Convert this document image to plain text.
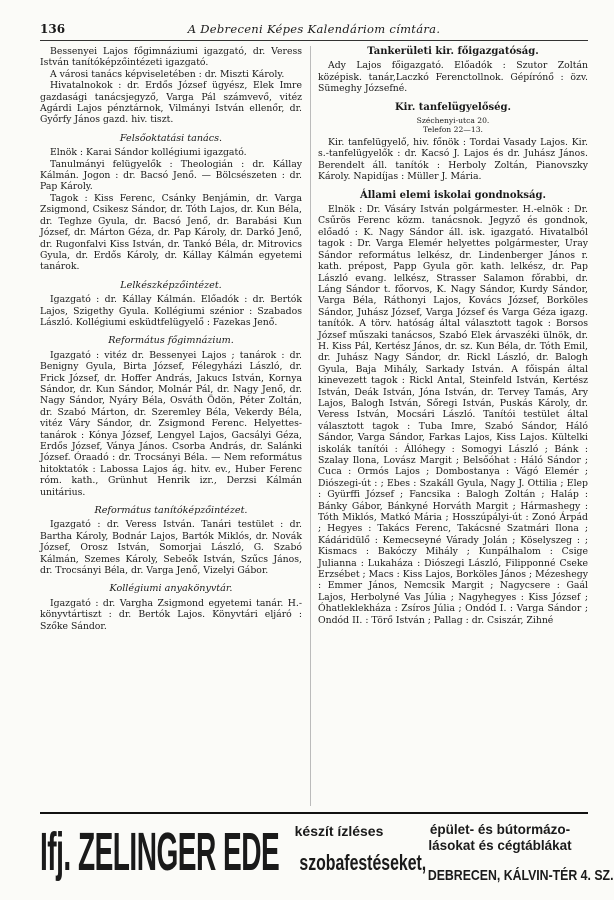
136	A Debreceni Képes Kalendáriom címtára.

Bessenyei Lajos főgimnáziumi igazgató, dr. Veress István tanítóképzőintézeti igazgató.

A városi tanács képviseletében : dr. Miszti Károly.

Hivatalnokok : dr. Erdős József ügyész, Elek Imre gazdasági tanácsjegyző, Varga Pál számvevő, vitéz Agárdi Lajos pénztárnok, Vilmányi István ellenőr, dr. Győrfy János gazd. hiv. tiszt.

Felsőoktatási tanács.

Elnök : Karai Sándor kollégiumi igazgató.

Tanulmányi felügyelők : Theologián : dr. Kállay Kálmán. Jogon : dr. Bacsó Jenő. — Bölcsészeten : dr. Pap Károly.

Tagok : Kiss Ferenc, Csánky Benjámin, dr. Varga Zsigmond, Csikesz Sándor, dr. Tóth Lajos, dr. Kun Béla, dr. Teghze Gyula, dr. Bacsó Jenő, dr. Barabási Kun József, dr. Márton Géza, dr. Pap Károly, dr. Darkó Jenő, dr. Rugonfalvi Kiss István, dr. Tankó Béla, dr. Mitrovics Gyula, dr. Erdős Károly, dr. Kállay Kálmán egyetemi tanárok.

Lelkészképzőintézet.

Igazgató : dr. Kállay Kálmán. Előadók : dr. Bertók Lajos, Szigethy Gyula. Kollégiumi szénior : Szabados László. Kollégiumi esküdtfelügyelő : Fazekas Jenő.

Református főgimnázium.

Igazgató : vitéz dr. Bessenyei Lajos ; tanárok : dr. Benigny Gyula, Birta József, Félegyházi László, dr. Frick József, dr. Hoffer András, Jakucs István, Kornya Sándor, dr. Kun Sándor, Molnár Pál, dr. Nagy Jenő, dr. Nagy Sándor, Nyáry Béla, Osváth Ödön, Péter Zoltán, dr. Szabó Márton, dr. Szeremley Béla, Vekerdy Béla, vitéz Váry Sándor, dr. Zsigmond Ferenc. Helyettes-tanárok : Kónya József, Lengyel Lajos, Gacsályi Géza, Erdős József, Ványa János. Csorba András, dr. Salánki József. Óraadó : dr. Trocsányi Béla. — Nem református hitoktatók : Labossa Lajos ág. hitv. ev., Huber Ferenc róm. kath., Grünhut Henrik izr., Derzsi Kálmán unitárius.

Református tanítóképzőintézet.

Igazgató : dr. Veress István. Tanári testület : dr. Bartha Károly, Bodnár Lajos, Bartók Miklós, dr. Novák József, Orosz István, Somorjai László, G. Szabó Kálmán, Szemes Károly, Sebeők István, Szűcs János, dr. Trocsányi Béla, dr. Varga Jenő, Vizelyi Gábor.

Kollégiumi anyakönyvtár.

Igazgató : dr. Vargha Zsigmond egyetemi tanár. H.-könyvtártiszt : dr. Bertók Lajos. Könyvtári eljáró : Szőke Sándor.

Tankerületi kir. főigazgatóság.

Ady Lajos főigazgató. Előadók : Szutor Zoltán középisk. tanár,Laczkó Ferenctollnok. Gépírónő : özv. Sümeghy Józsefné.

Kir. tanfelügyelőség.

Széchenyi-utca 20.

Telefon 22—13.

Kir. tanfelügyelő, hiv. főnök : Tordai Vasady Lajos. Kir. s.-tanfelügyelők : dr. Kacsó J. Lajos és dr. Juhász János. Berendelt áll. tanítók : Herboly Zoltán, Pianovszky Károly. Napidíjas : Müller J. Mária.

Állami elemi iskolai gondnokság.

Elnök : Dr. Vásáry István polgármester. H.-elnök : Dr. Csűrös Ferenc közm. tanácsnok. Jegyző és gondnok, előadó : K. Nagy Sándor áll. isk. igazgató. Hivatalból tagok : Dr. Varga Elemér helyettes polgármester, Uray Sándor református lelkész, dr. Lindenberger János r. kath. prépost, Papp Gyula gör. kath. lelkész, dr. Pap László evang. lelkész, Strasser Salamon főrabbi, dr. Láng Sándor t. főorvos, K. Nagy Sándor, Kurdy Sándor, Varga Béla, Ráthonyi Lajos, Kovács József, Borköles Sándor, Juhász József, Varga József és Varga Géza igazg. tanítók. A törv. hatóság által választott tagok : Borsos József műszaki tanácsos, Szabó Elek árvaszéki ülnök, dr. H. Kiss Pál, Kertész János, dr. sz. Kun Béla, dr. Tóth Emil, dr. Juhász Nagy Sándor, dr. Rickl László, dr. Balogh Gyula, Baja Mihály, Sarkady István. A főispán által kinevezett tagok : Rickl Antal, Steinfeld István, Kertész István, Deák István, Jóna István, dr. Tervey Tamás, Ary Lajos, Balogh István, Sőregi István, Puskás Károly, dr. Veress István, Mocsári László. Tanítói testület által választott tagok : Tuba Imre, Szabó Sándor, Háló Sándor, Varga Sándor, Farkas Lajos, Kiss Lajos. Kültelki iskolák tanítói : Állóhegy : Somogyi László ; Bánk : Szalay Ilona, Lovász Margit ; Belsőóhat : Háló Sándor ; Cuca : Ormós Lajos ; Dombostanya : Vágó Elemér ; Diószegi-út : ; Ebes : Szakáll Gyula, Nagy J. Ottilia ; Elep : Gyürffi József ; Fancsika : Balogh Zoltán ; Haláp : Bánky Gábor, Bánkyné Horváth Margit ; Hármashegy : Tóth Miklós, Matkó Mária ; Hosszúpályi-út : Zonó Árpád ; Hegyes : Takács Ferenc, Takácsné Szatmári Ilona ; Kádáridülő : Kemecseyné Várady Jolán ; Köselyszeg : ; Kismacs : Bakóczy Mihály ; Kunpálhalom : Csige Julianna : Lukaháza : Diószegi László, Filipponné Cseke Erzsébet ; Macs : Kiss Lajos, Borköles János ; Mézeshegy : Emmer János, Nemcsik Margit ; Nagycsere : Gaál Lajos, Herbolyné Vas Júlia ; Nagyhegyes : Kiss József ; Óhatleklekháza : Zsíros Júlia ; Ondód I. : Varga Sándor ; Ondód II. : Törő István ; Pallag : dr. Csiszár, Zihné

Ifj. ZELINGER EDE	készít ízléses
szobafestéseket,
épület- és bútormázo-
lásokat és cégtáblákat
DEBRECEN, KÁLVIN-TÉR 4. SZ.
